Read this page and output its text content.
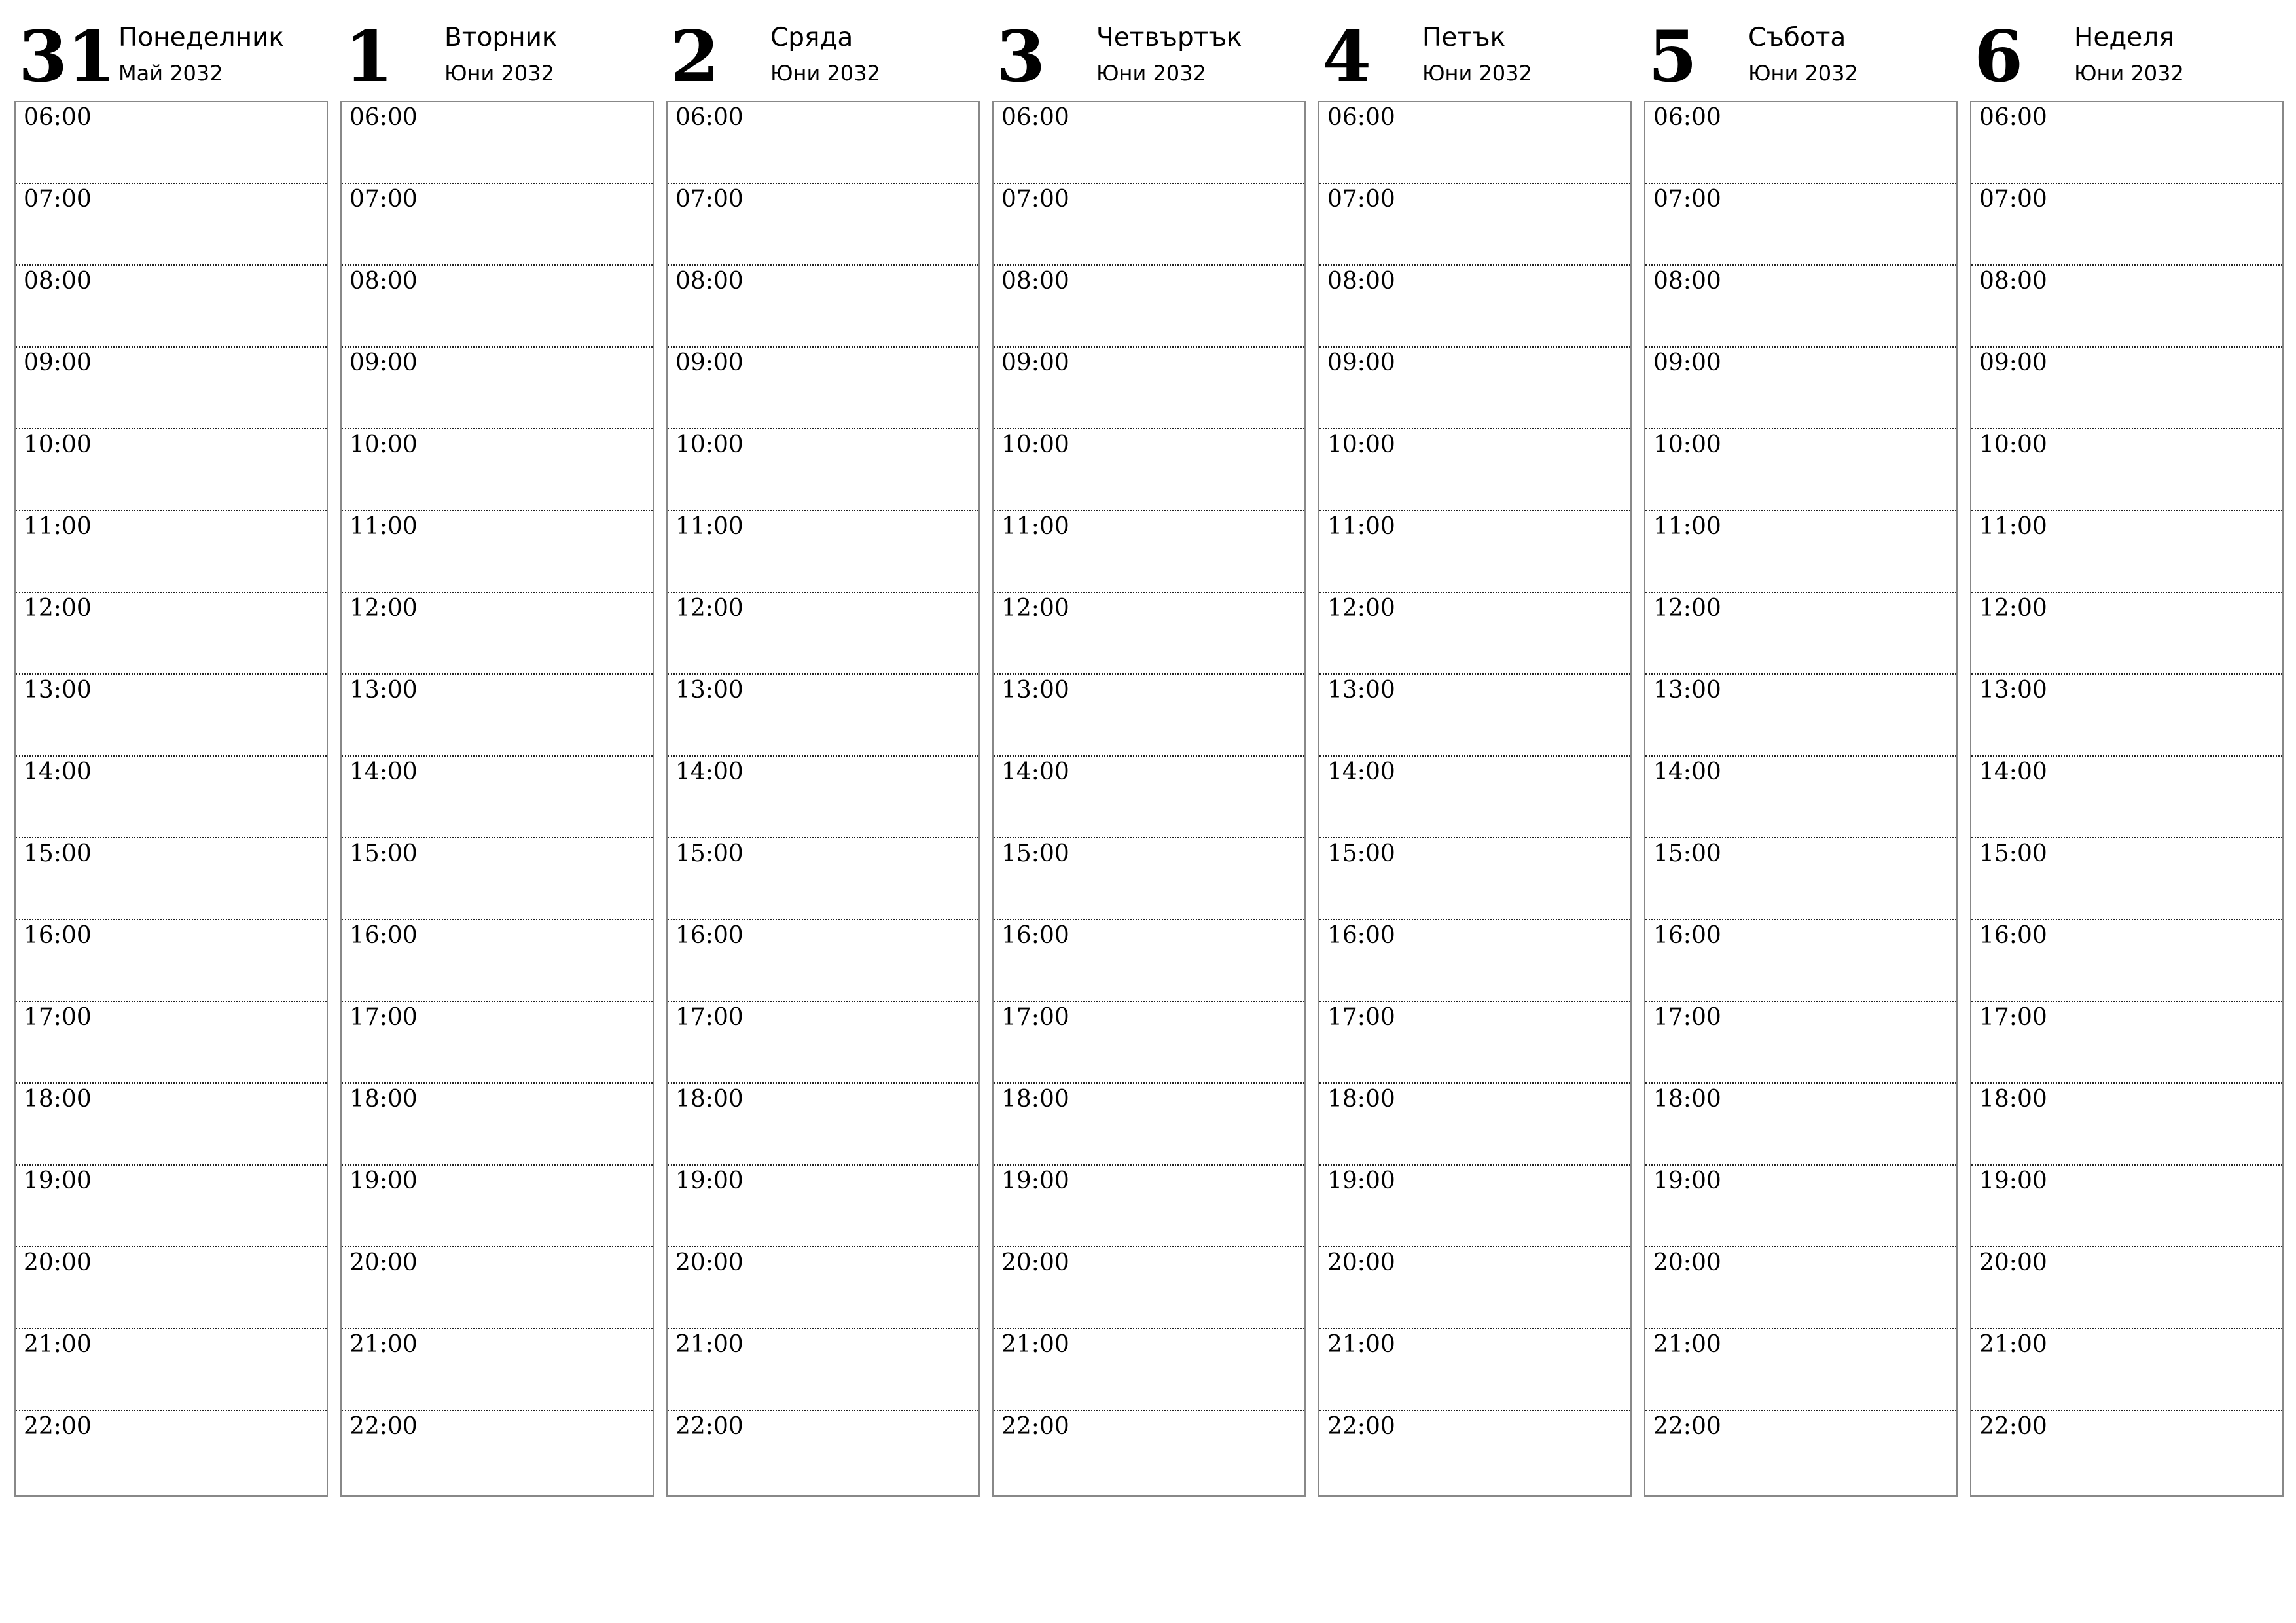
31 Понеделник
Май 2032
06:00
07:00
08:00
09:00
10:00
11:00
12:00
13:00
14:00
15:00
16:00
17:00
18:00
19:00
20:00
21:00
22:00
1 Вторник
Юни 2032
06:00
07:00
08:00
09:00
10:00
11:00
12:00
13:00
14:00
15:00
16:00
17:00
18:00
19:00
20:00
21:00
22:00
2 Сряда
Юни 2032
06:00
07:00
08:00
09:00
10:00
11:00
12:00
13:00
14:00
15:00
16:00
17:00
18:00
19:00
20:00
21:00
22:00
3 Четвъртък
Юни 2032
06:00
07:00
08:00
09:00
10:00
11:00
12:00
13:00
14:00
15:00
16:00
17:00
18:00
19:00
20:00
21:00
22:00
4 Петък
Юни 2032
06:00
07:00
08:00
09:00
10:00
11:00
12:00
13:00
14:00
15:00
16:00
17:00
18:00
19:00
20:00
21:00
22:00
5 Събота
Юни 2032
06:00
07:00
08:00
09:00
10:00
11:00
12:00
13:00
14:00
15:00
16:00
17:00
18:00
19:00
20:00
21:00
22:00
6 Неделя
Юни 2032
06:00
07:00
08:00
09:00
10:00
11:00
12:00
13:00
14:00
15:00
16:00
17:00
18:00
19:00
20:00
21:00
22:00
